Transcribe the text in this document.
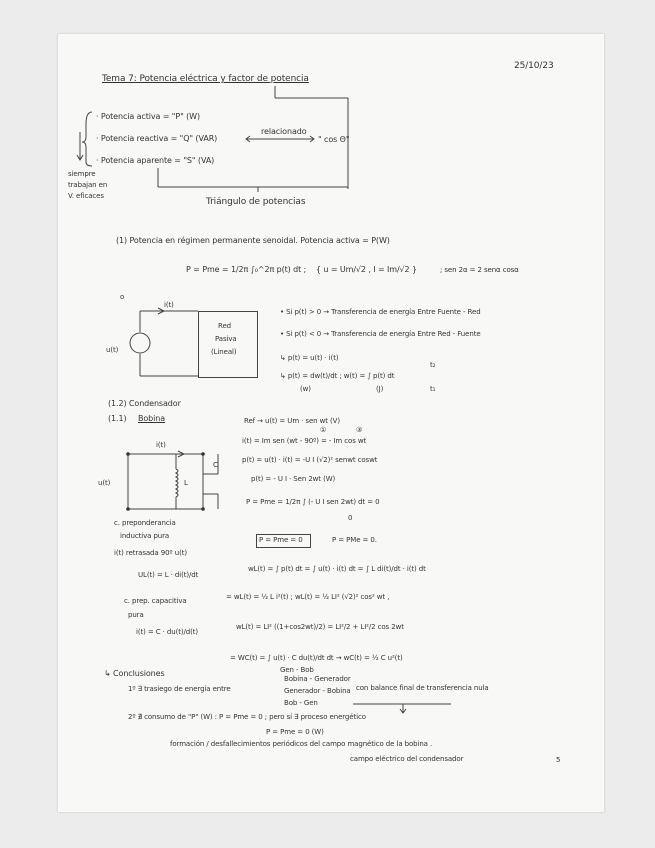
Tema 7: Potencia eléctrica y factor de potencia
25/10/23
· Potencia activa = "P" (W)
· Potencia reactiva = "Q" (VAR)
· Potencia aparente = "S" (VA)
relacionado
" cos Θ"
siempre
trabajan en
V. eficaces
Triángulo de potencias
(1) Potencia en régimen permanente senoidal. Potencia activa = P(W)
P = Pme = 1/2π ∫₀^2π p(t) dt ; { u = Um/√2 , I = Im/√2 }	; sen 2α = 2 senα cosα
o
i(t)
u(t)
Red
Pasiva
(Lineal)
• Si p(t) > 0 → Transferencia de energía Entre Fuente - Red
• Si p(t) < 0 → Transferencia de energía Entre Red - Fuente
↳ p(t) = u(t) · i(t)
↳ p(t) = dw(t)/dt ; w(t) = ∫ p(t) dt
(w)	(J)
t₂
t₁
(1.2) Condensador
(1.1) Bobina	Ref → u(t) = Um · sen wt (V)
①	③
i(t) = Im sen (wt - 90º) = - Im cos wt
p(t) = u(t) · i(t) = -U I (√2)² senwt coswt
p(t) = - U I · Sen 2wt (W)
P = Pme = 1/2π ∫ (- U I sen 2wt) dt = 0
0
i(t)
u(t)	L
C
c. preponderancia
inductiva pura
i(t) retrasada 90º u(t)
P = Pme = 0	P = PMe = 0.
UL(t) = L · di(t)/dt
c. prep. capacitiva
pura
i(t) = C · du(t)/d(t)
wL(t) = ∫ p(t) dt = ∫ u(t) · i(t) dt = ∫ L di(t)/dt · i(t) dt
= wL(t) = ½ L i²(t) ; wL(t) = ½ LI² (√2)² cos² wt ,
wL(t) = LI² ((1+cos2wt)/2) = LI²/2 + LI²/2 cos 2wt
= WC(t) = ∫ u(t) · C du(t)/dt dt → wC(t) = ½ C u²(t)
Gen - Bob
↳ Conclusiones
1º ∃ trasiego de energía entre
Bobina - Generador
Generador - Bobina con balance final de transferencia nula
Bob - Gen
2º ∄ consumo de "P" (W) : P = Pme = 0 ; pero sí ∃ proceso energético
P = Pme = 0 (W)
formación / desfallecimientos periódicos del campo magnético de la bobina .
campo eléctrico del condensador	5
